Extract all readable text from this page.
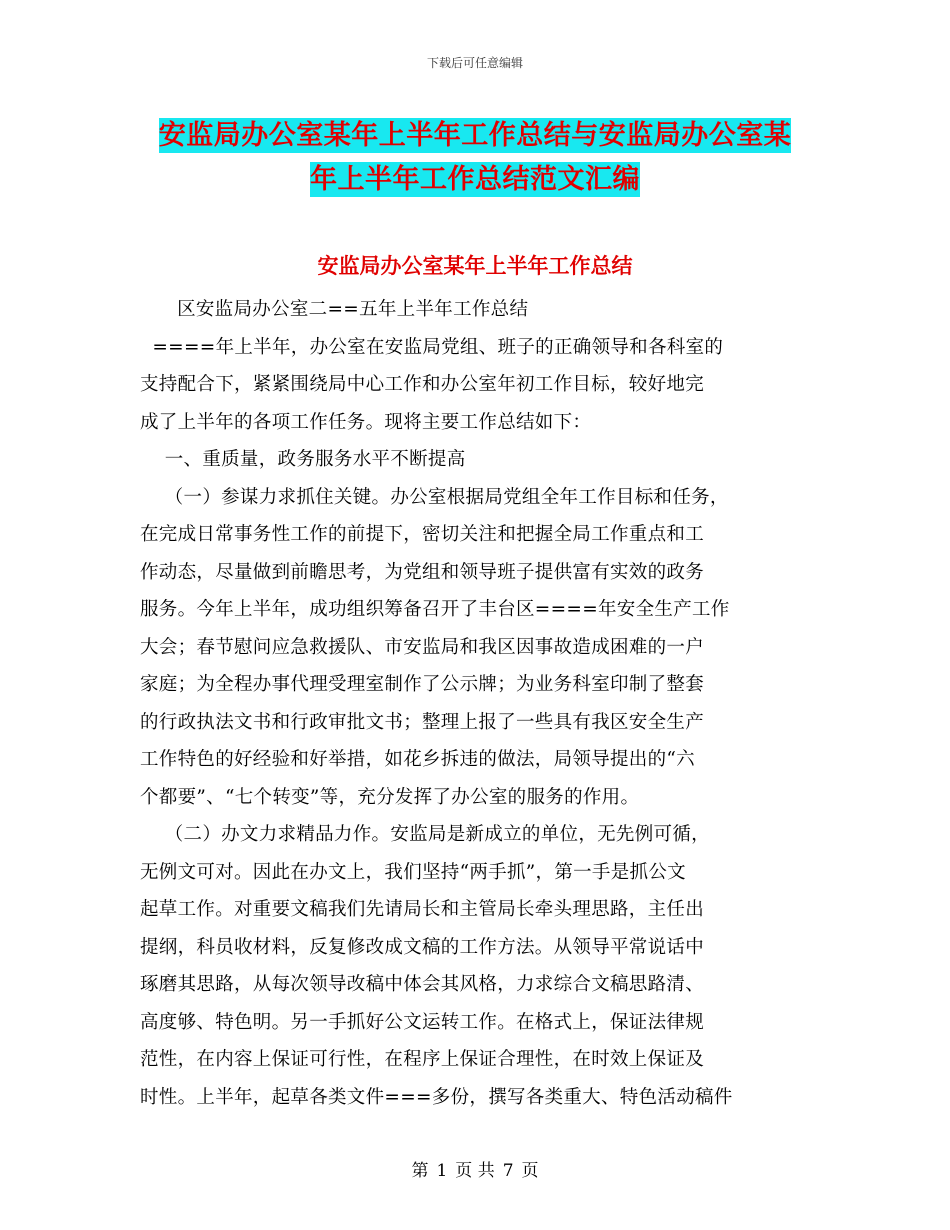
下载后可任意编辑
安监局办公室某年上半年工作总结与安监局办公室某
年上半年工作总结范文汇编
安监局办公室某年上半年工作总结
区安监局办公室二==五年上半年工作总结
====年上半年，办公室在安监局党组、班子的正确领导和各科室的
支持配合下，紧紧围绕局中心工作和办公室年初工作目标，较好地完
成了上半年的各项工作任务。现将主要工作总结如下：
一、重质量，政务服务水平不断提高
（一）参谋力求抓住关键。办公室根据局党组全年工作目标和任务，
在完成日常事务性工作的前提下，密切关注和把握全局工作重点和工
作动态，尽量做到前瞻思考，为党组和领导班子提供富有实效的政务
服务。今年上半年，成功组织筹备召开了丰台区====年安全生产工作
大会；春节慰问应急救援队、市安监局和我区因事故造成困难的一户
家庭；为全程办事代理受理室制作了公示牌；为业务科室印制了整套
的行政执法文书和行政审批文书；整理上报了一些具有我区安全生产
工作特色的好经验和好举措，如花乡拆违的做法，局领导提出的“六
个都要”、“七个转变”等，充分发挥了办公室的服务的作用。
（二）办文力求精品力作。安监局是新成立的单位，无先例可循，
无例文可对。因此在办文上，我们坚持“两手抓”，第一手是抓公文
起草工作。对重要文稿我们先请局长和主管局长牵头理思路，主任出
提纲，科员收材料，反复修改成文稿的工作方法。从领导平常说话中
琢磨其思路，从每次领导改稿中体会其风格，力求综合文稿思路清、
高度够、特色明。另一手抓好公文运转工作。在格式上，保证法律规
范性，在内容上保证可行性，在程序上保证合理性，在时效上保证及
时性。上半年，起草各类文件===多份，撰写各类重大、特色活动稿件
第 1 页 共 7 页
